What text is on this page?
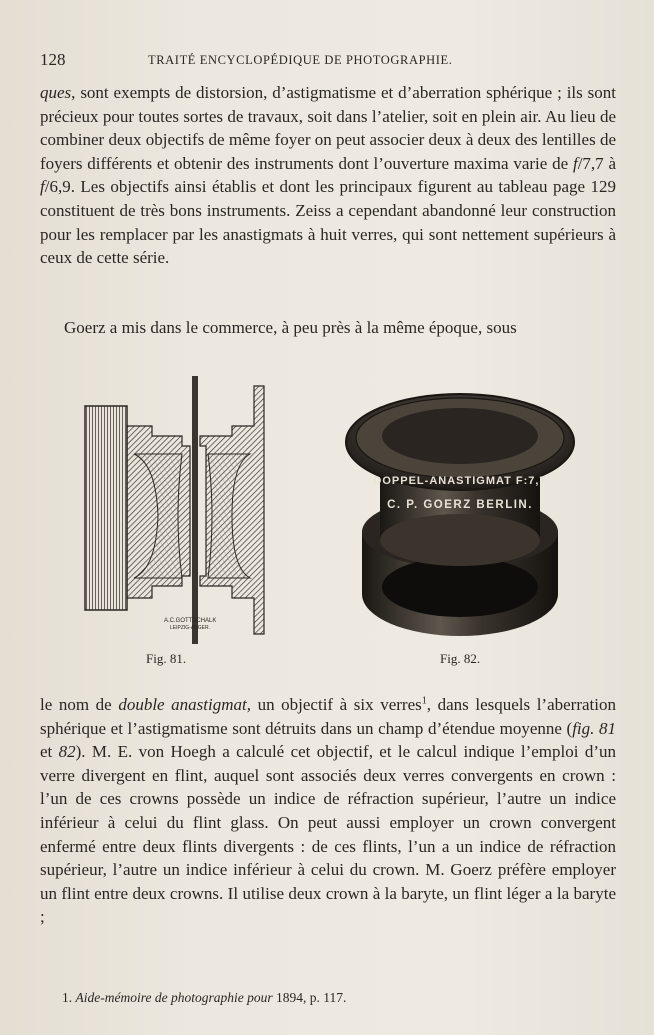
128	TRAITÉ ENCYCLOPÉDIQUE DE PHOTOGRAPHIE.

ques, sont exempts de distorsion, d’astigmatisme et d’aberration sphérique ; ils sont précieux pour toutes sortes de travaux, soit dans l’atelier, soit en plein air. Au lieu de combiner deux objectifs de même foyer on peut associer deux à deux des lentilles de foyers différents et obtenir des instruments dont l’ouverture maxima varie de f/7,7 à f/6,9. Les objectifs ainsi établis et dont les principaux figurent au tableau page 129 constituent de très bons instruments. Zeiss a cependant abandonné leur construction pour les remplacer par les anastigmats à huit verres, qui sont nettement supérieurs à ceux de cette série.

Goerz a mis dans le commerce, à peu près à la même époque, sous

A.C.GOTTSCHALK
LEIPZIG-ANGER.
Fig. 81.
DOPPEL-ANASTIGMAT F:7,7
C. P. GOERZ BERLIN.
Fig. 82.

le nom de double anastigmat, un objectif à six verres$^1$, dans lesquels l’aberration sphérique et l’astigmatisme sont détruits dans un champ d’étendue moyenne (fig. 81 et 82). M. E. von Hoegh a calculé cet objectif, et le calcul indique l’emploi d’un verre divergent en flint, auquel sont associés deux verres convergents en crown : l’un de ces crowns possède un indice de réfraction supérieur, l’autre un indice inférieur à celui du flint glass. On peut aussi employer un crown convergent enfermé entre deux flints divergents : de ces flints, l’un a un indice de réfraction supérieur, l’autre un indice inférieur à celui du crown. M. Goerz préfère employer un flint entre deux crowns. Il utilise deux crown à la baryte, un flint léger a la baryte ;

1. Aide-mémoire de photographie pour 1894, p. 117.
